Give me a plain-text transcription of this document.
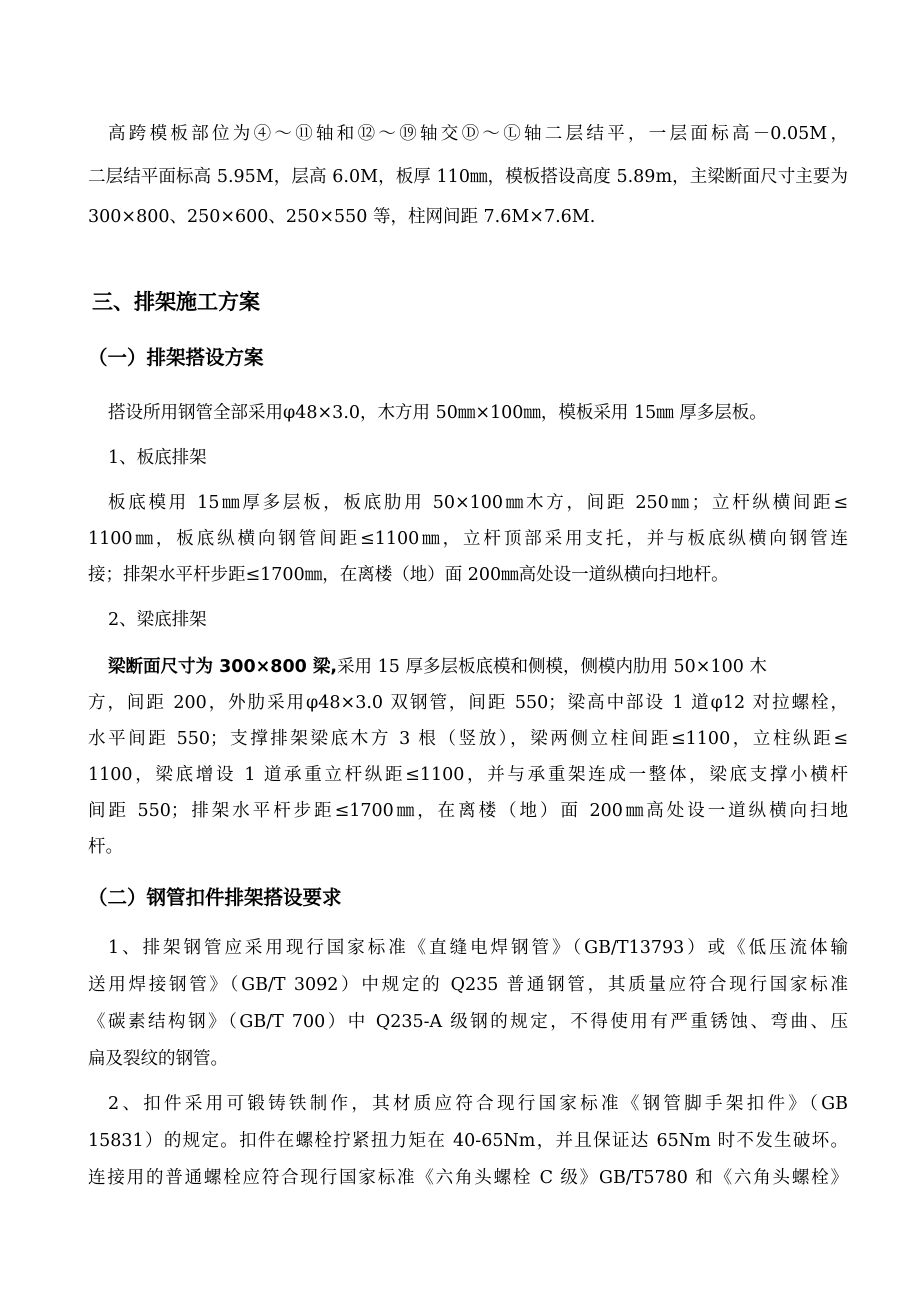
高跨模板部位为④～⑪轴和⑫～⑲轴交Ⓓ～Ⓛ轴二层结平，一层面标高－0.05M，
二层结平面标高 5.95M，层高 6.0M，板厚 110㎜，模板搭设高度 5.89m，主梁断面尺寸主要为
300×800、250×600、250×550 等，柱网间距 7.6M×7.6M.
三、排架施工方案
（一）排架搭设方案
搭设所用钢管全部采用φ48×3.0，木方用 50㎜×100㎜，模板采用 15㎜ 厚多层板。
1、板底排架
板底模用 15㎜厚多层板，板底肋用 50×100㎜木方，间距 250㎜；立杆纵横间距≤
1100㎜，板底纵横向钢管间距≤1100㎜，立杆顶部采用支托，并与板底纵横向钢管连
接；排架水平杆步距≤1700㎜，在离楼（地）面 200㎜高处设一道纵横向扫地杆。
2、梁底排架
梁断面尺寸为 300×800 梁,采用 15 厚多层板底模和侧模，侧模内肋用 50×100 木
方，间距 200，外肋采用φ48×3.0 双钢管，间距 550；梁高中部设 1 道φ12 对拉螺栓，
水平间距 550；支撑排架梁底木方 3 根（竖放），梁两侧立柱间距≤1100，立柱纵距≤
1100，梁底增设 1 道承重立杆纵距≤1100，并与承重架连成一整体，梁底支撑小横杆
间距 550；排架水平杆步距≤1700㎜，在离楼（地）面 200㎜高处设一道纵横向扫地
杆。
（二）钢管扣件排架搭设要求
1、排架钢管应采用现行国家标准《直缝电焊钢管》（GB/T13793）或《低压流体输
送用焊接钢管》（GB/T 3092）中规定的 Q235 普通钢管，其质量应符合现行国家标准
《碳素结构钢》（GB/T 700）中 Q235-A 级钢的规定，不得使用有严重锈蚀、弯曲、压
扁及裂纹的钢管。
2、扣件采用可锻铸铁制作，其材质应符合现行国家标准《钢管脚手架扣件》（GB
15831）的规定。扣件在螺栓拧紧扭力矩在 40-65Nm，并且保证达 65Nm 时不发生破坏。
连接用的普通螺栓应符合现行国家标准《六角头螺栓 C 级》GB/T5780 和《六角头螺栓》
